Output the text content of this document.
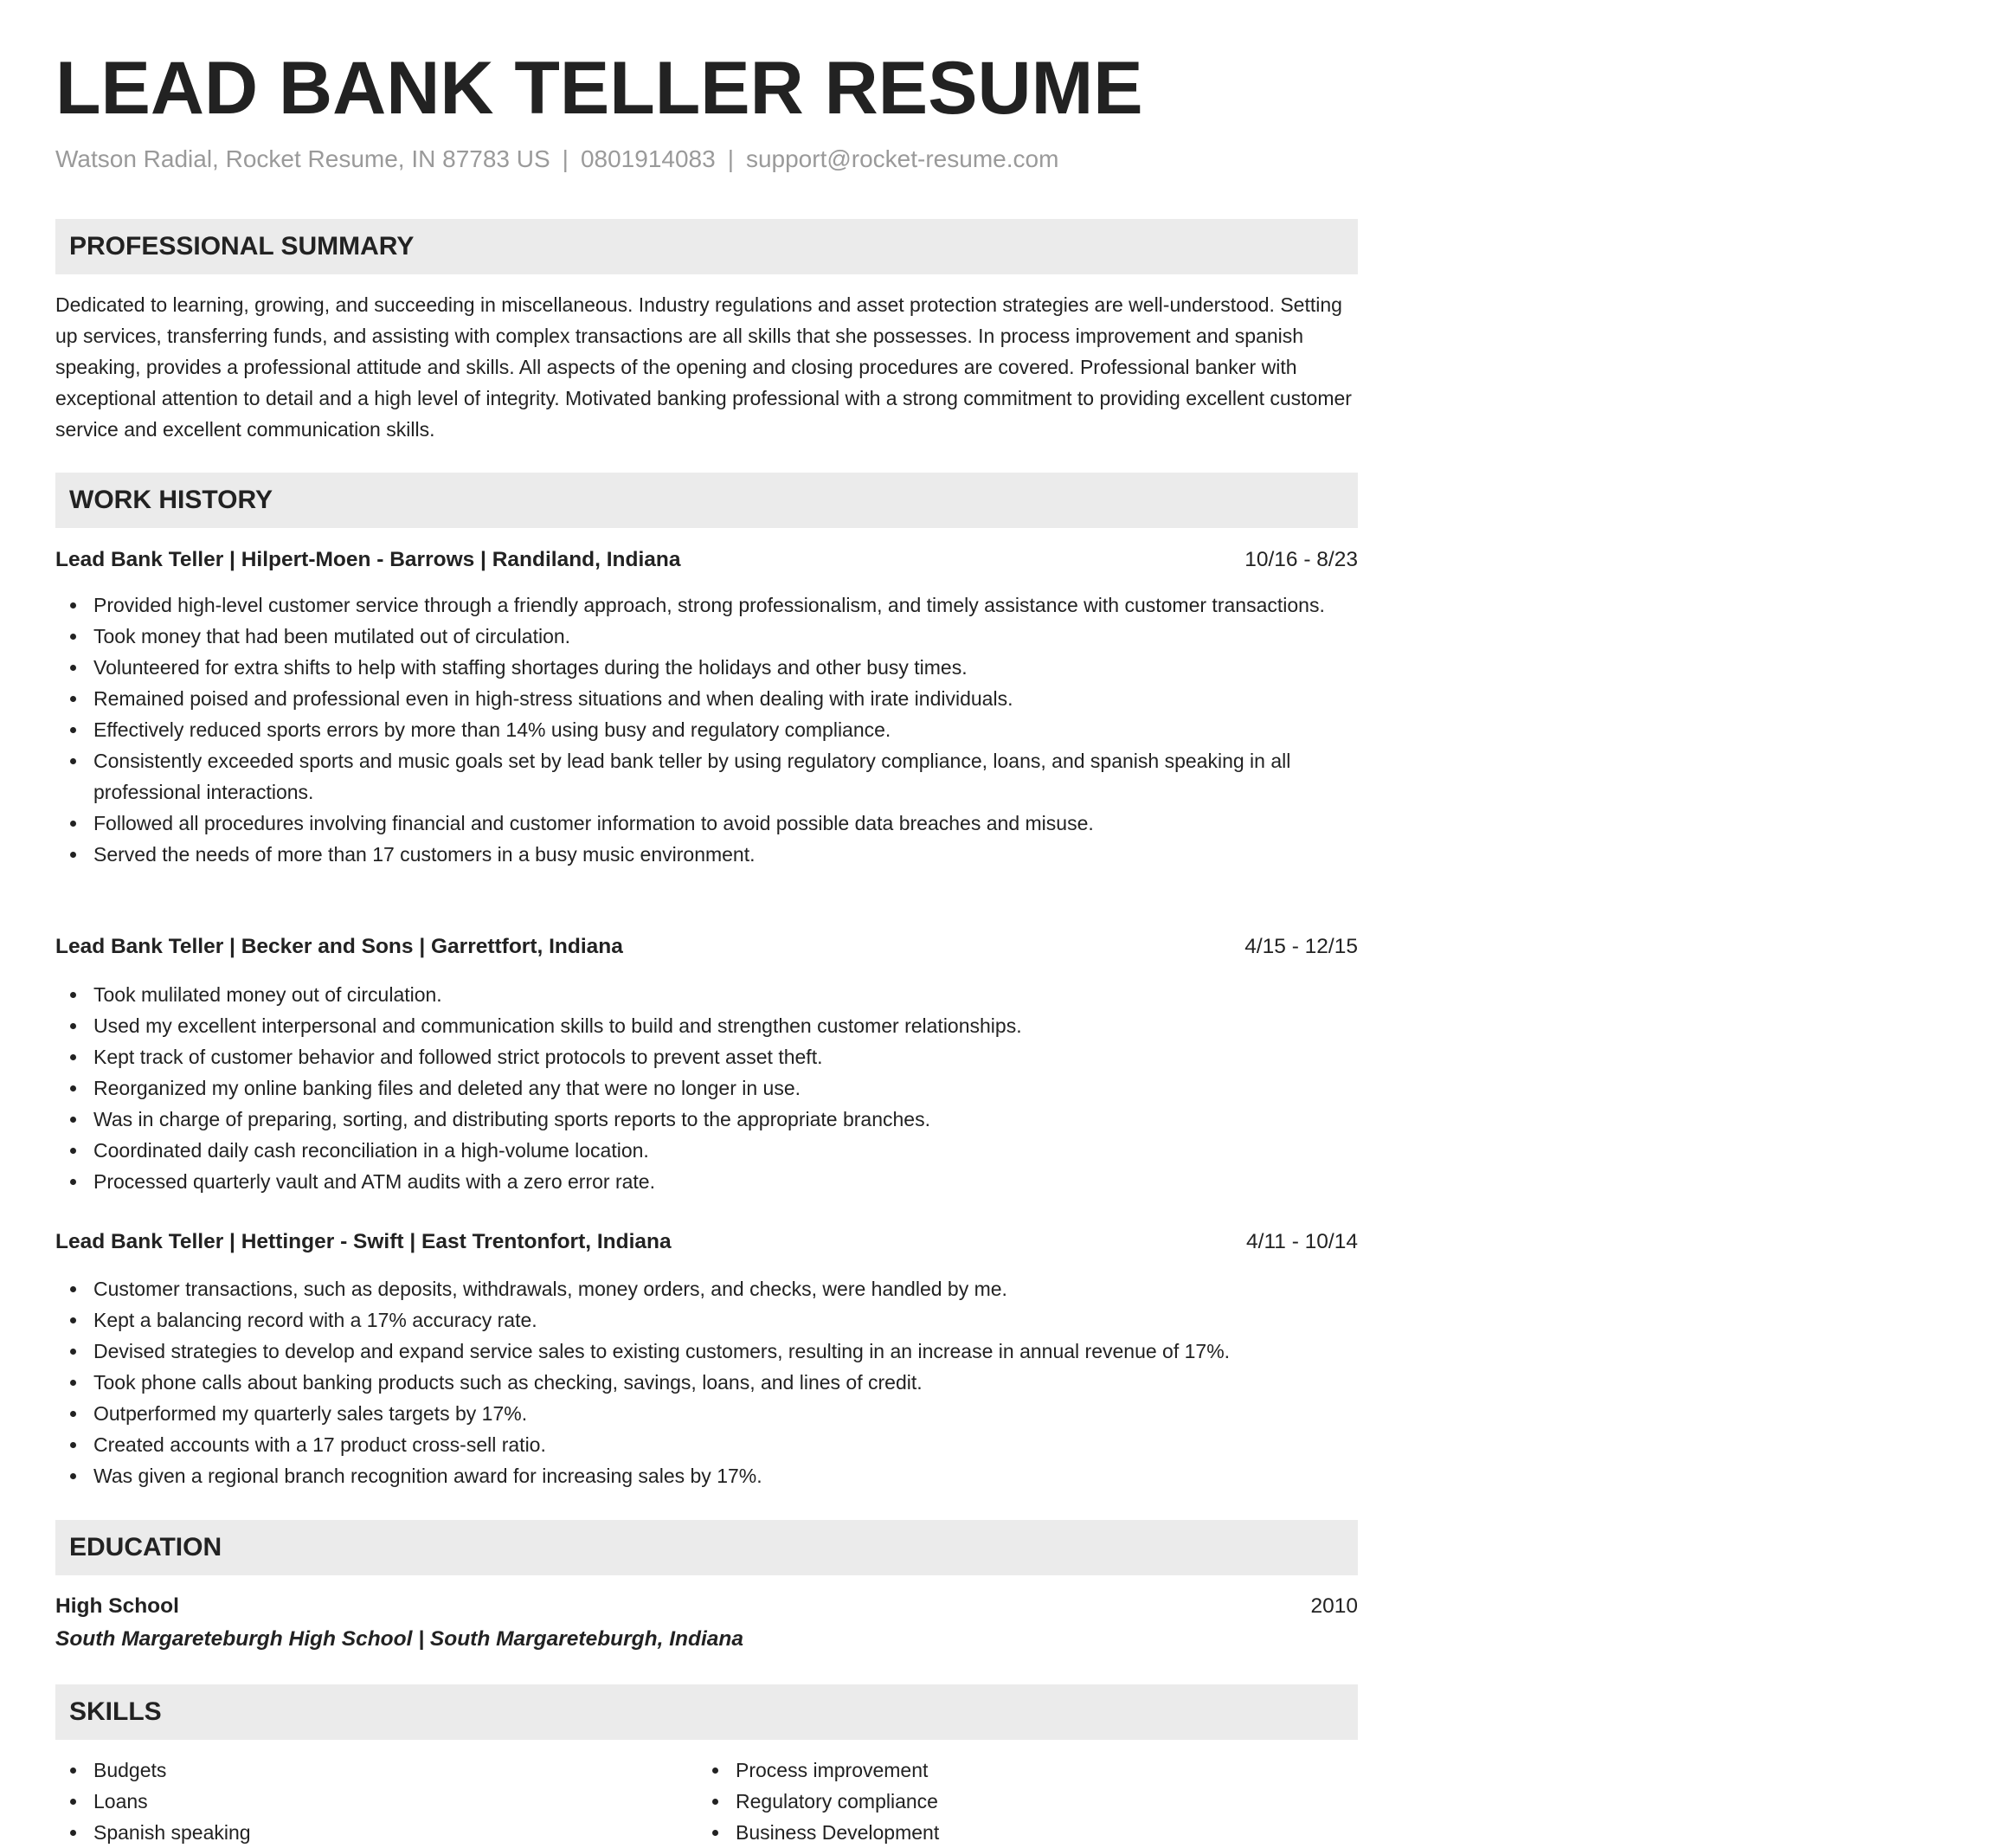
LEAD BANK TELLER RESUME
Watson Radial, Rocket Resume, IN 87783 US | 0801914083 | support@rocket-resume.com
PROFESSIONAL SUMMARY

Dedicated to learning, growing, and succeeding in miscellaneous. Industry regulations and asset protection strategies are well-understood. Setting up services, transferring funds, and assisting with complex transactions are all skills that she possesses. In process improvement and spanish speaking, provides a professional attitude and skills. All aspects of the opening and closing procedures are covered. Professional banker with exceptional attention to detail and a high level of integrity. Motivated banking professional with a strong commitment to providing excellent customer service and excellent communication skills.

WORK HISTORY
Lead Bank Teller | Hilpert-Moen - Barrows | Randiland, Indiana	10/16 - 8/23
Provided high-level customer service through a friendly approach, strong professionalism, and timely assistance with customer transactions.
Took money that had been mutilated out of circulation.
Volunteered for extra shifts to help with staffing shortages during the holidays and other busy times.
Remained poised and professional even in high-stress situations and when dealing with irate individuals.
Effectively reduced sports errors by more than 14% using busy and regulatory compliance.
Consistently exceeded sports and music goals set by lead bank teller by using regulatory compliance, loans, and spanish speaking in all professional interactions.
Followed all procedures involving financial and customer information to avoid possible data breaches and misuse.
Served the needs of more than 17 customers in a busy music environment.
Lead Bank Teller | Becker and Sons | Garrettfort, Indiana	4/15 - 12/15
Took mulilated money out of circulation.
Used my excellent interpersonal and communication skills to build and strengthen customer relationships.
Kept track of customer behavior and followed strict protocols to prevent asset theft.
Reorganized my online banking files and deleted any that were no longer in use.
Was in charge of preparing, sorting, and distributing sports reports to the appropriate branches.
Coordinated daily cash reconciliation in a high-volume location.
Processed quarterly vault and ATM audits with a zero error rate.
Lead Bank Teller | Hettinger - Swift | East Trentonfort, Indiana	4/11 - 10/14
Customer transactions, such as deposits, withdrawals, money orders, and checks, were handled by me.
Kept a balancing record with a 17% accuracy rate.
Devised strategies to develop and expand service sales to existing customers, resulting in an increase in annual revenue of 17%.
Took phone calls about banking products such as checking, savings, loans, and lines of credit.
Outperformed my quarterly sales targets by 17%.
Created accounts with a 17 product cross-sell ratio.
Was given a regional branch recognition award for increasing sales by 17%.
EDUCATION
High School	2010
South Margareteburgh High School | South Margareteburgh, Indiana
SKILLS
Budgets
Loans
Spanish speaking
Process improvement
Regulatory compliance
Business Development
